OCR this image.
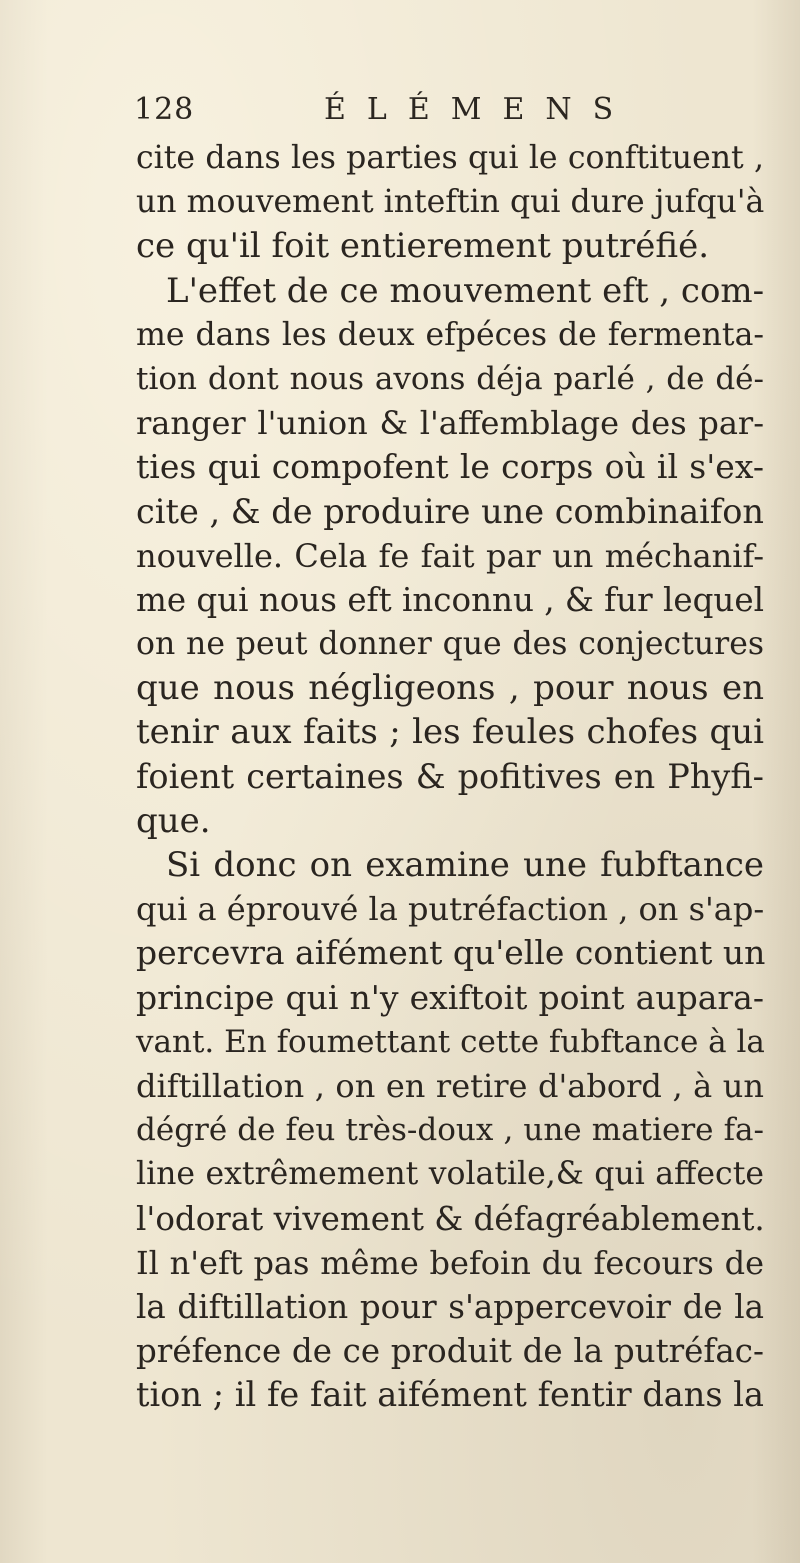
128	ÉLÉMENS
cite dans les parties qui le conftituent ,
un mouvement inteftin qui dure jufqu'à
ce qu'il foit entierement putréfié.
L'effet de ce mouvement eft , com-
me dans les deux efpéces de fermenta-
tion dont nous avons déja parlé , de dé-
ranger l'union & l'affemblage des par-
ties qui compofent le corps où il s'ex-
cite , & de produire une combinaifon
nouvelle. Cela fe fait par un méchanif-
me qui nous eft inconnu , & fur lequel
on ne peut donner que des conjectures
que nous négligeons , pour nous en
tenir aux faits ; les feules chofes qui
foient certaines & pofitives en Phyfi-
que.
Si donc on examine une fubftance
qui a éprouvé la putréfaction , on s'ap-
percevra aifément qu'elle contient un
principe qui n'y exiftoit point aupara-
vant. En foumettant cette fubftance à la
diftillation , on en retire d'abord , à un
dégré de feu très-doux , une matiere fa-
line extrêmement volatile,& qui affecte
l'odorat vivement & défagréablement.
Il n'eft pas même befoin du fecours de
la diftillation pour s'appercevoir de la
préfence de ce produit de la putréfac-
tion ; il fe fait aifément fentir dans la
